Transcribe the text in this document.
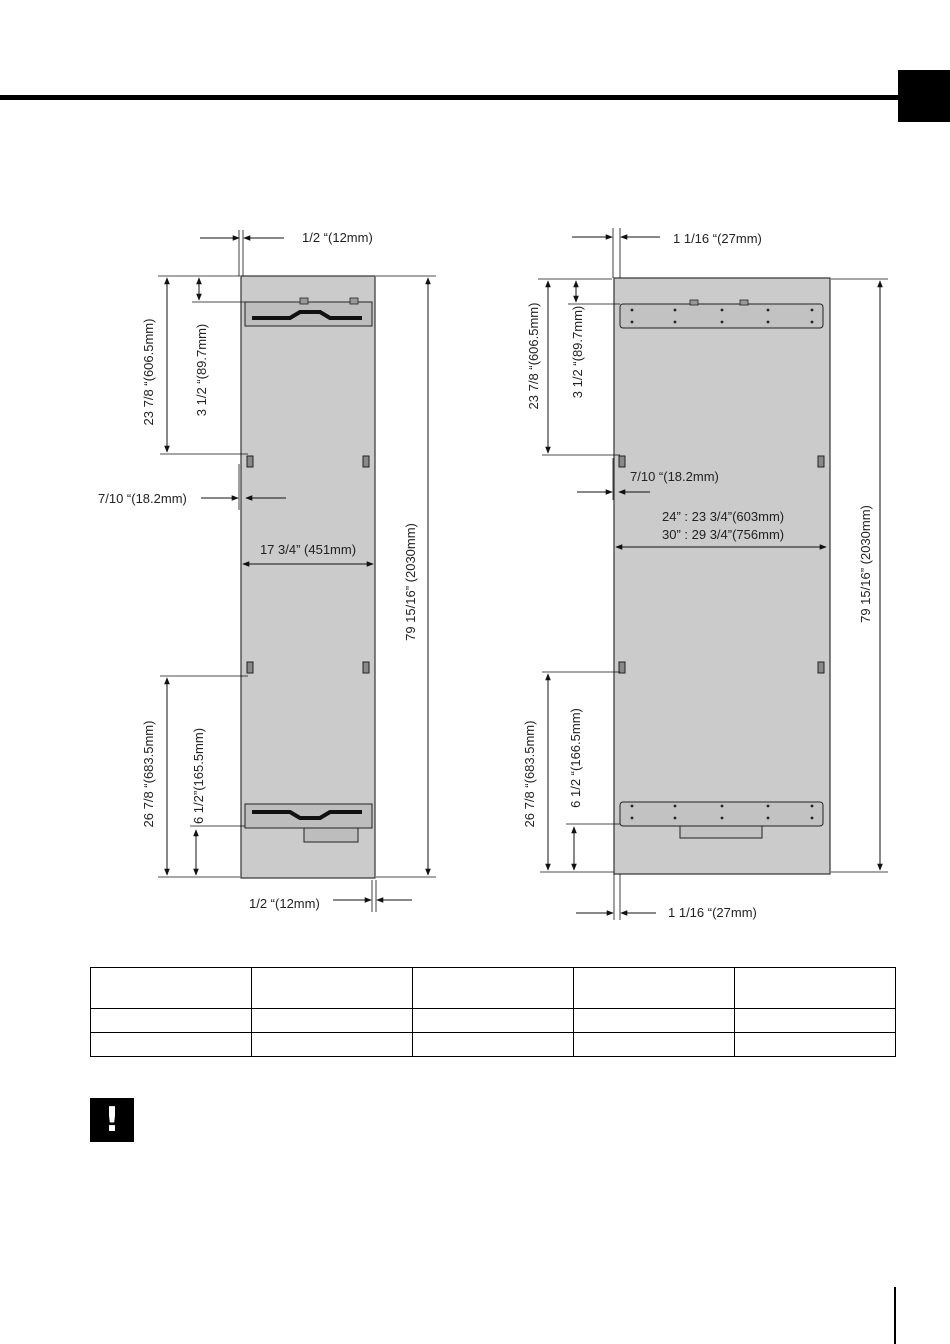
1/2 “(12mm)
23 7/8 “(606.5mm)	3 1/2 “(89.7mm)
7/10 “(18.2mm)
17 3/4” (451mm)	79 15/16” (2030mm)
26 7/8 “(683.5mm)	6 1/2”(165.5mm)
1/2 “(12mm)
1 1/16 “(27mm)
23 7/8 “(606.5mm) 3 1/2 “(89.7mm)
7/10 “(18.2mm)
24” : 23 3/4”(603mm)
30” : 29 3/4”(756mm)	79 15/16” (2030mm)
26 7/8 “(683.5mm) 6 1/2 “(166.5mm)
1 1/16 “(27mm)

!
